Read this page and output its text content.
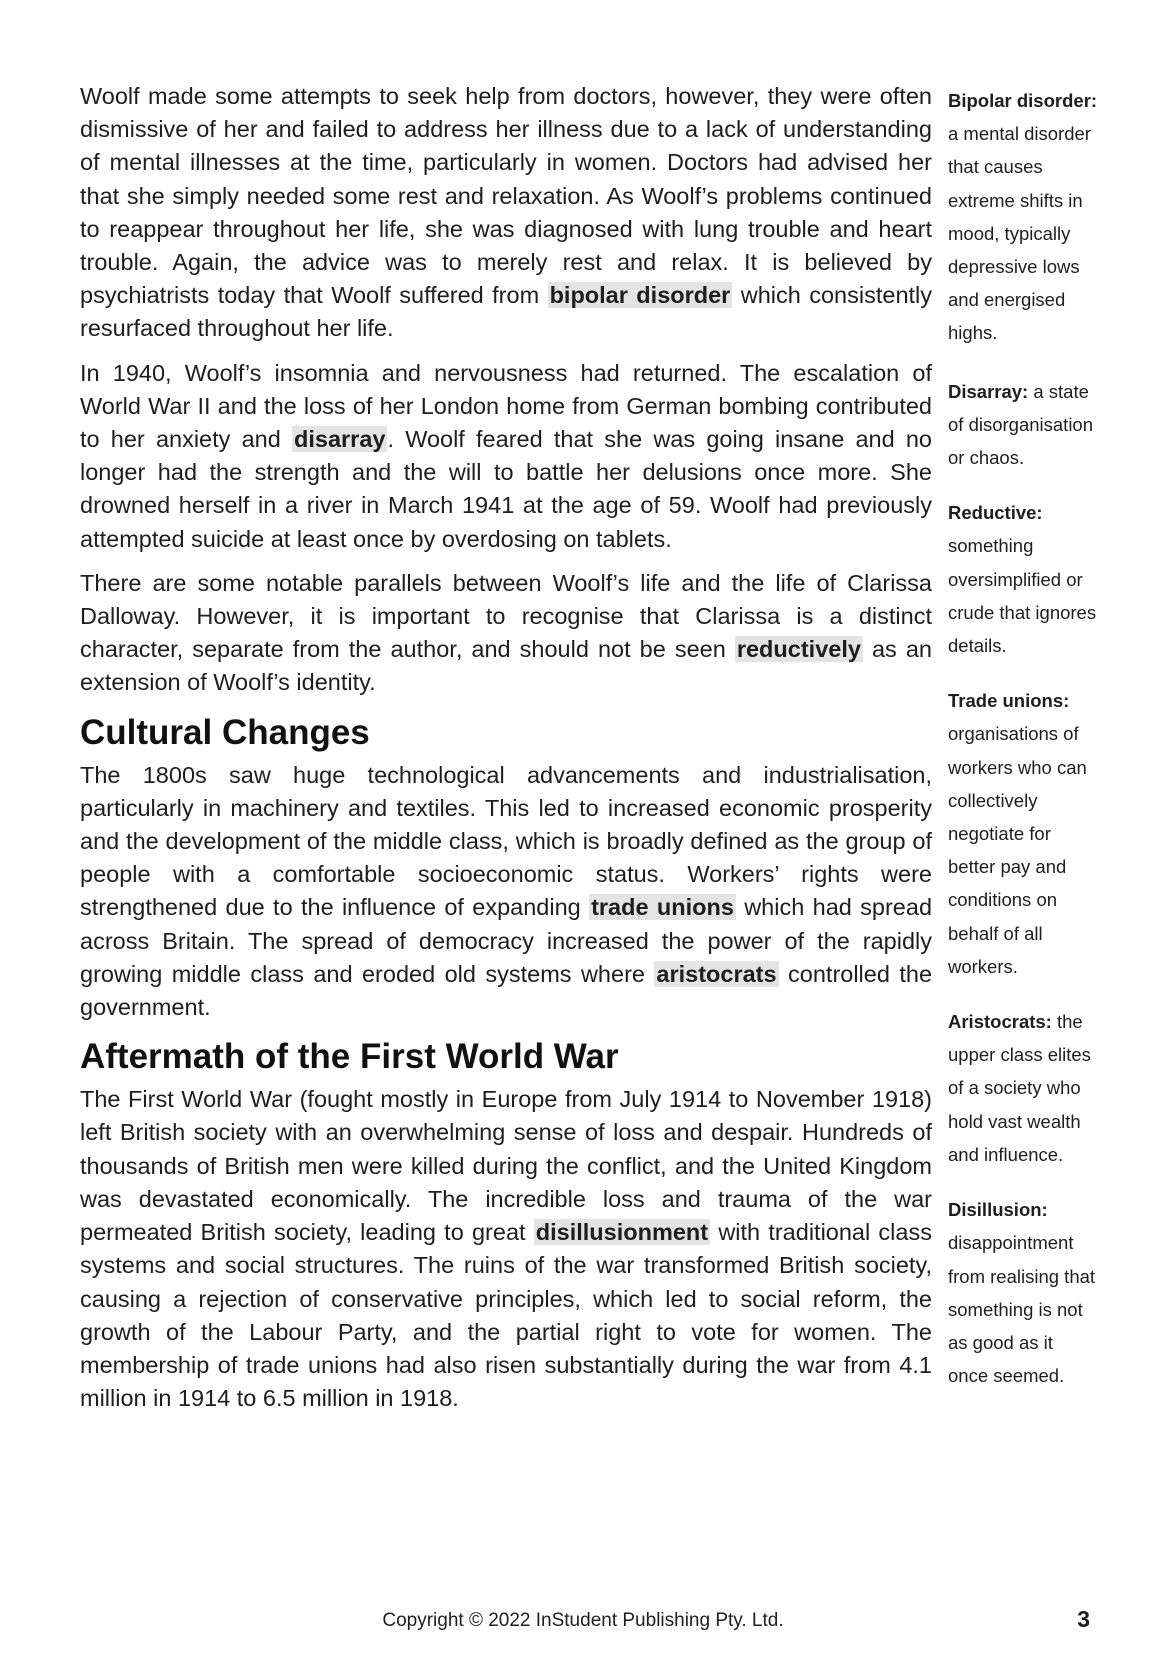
Woolf made some attempts to seek help from doctors, however, they were often dismissive of her and failed to address her illness due to a lack of understanding of mental illnesses at the time, particularly in women. Doctors had advised her that she simply needed some rest and relaxation. As Woolf’s problems continued to reappear throughout her life, she was diagnosed with lung trouble and heart trouble. Again, the advice was to merely rest and relax. It is believed by psychiatrists today that Woolf suffered from bipolar disorder which consistently resurfaced throughout her life.

In 1940, Woolf’s insomnia and nervousness had returned. The escalation of World War II and the loss of her London home from German bombing contributed to her anxiety and disarray. Woolf feared that she was going insane and no longer had the strength and the will to battle her delusions once more. She drowned herself in a river in March 1941 at the age of 59. Woolf had previously attempted suicide at least once by overdosing on tablets.

There are some notable parallels between Woolf’s life and the life of Clarissa Dalloway. However, it is important to recognise that Clarissa is a distinct character, separate from the author, and should not be seen reductively as an extension of Woolf’s identity.

Cultural Changes

The 1800s saw huge technological advancements and industrialisation, particularly in machinery and textiles. This led to increased economic prosperity and the development of the middle class, which is broadly defined as the group of people with a comfortable socioeconomic status. Workers’ rights were strengthened due to the influence of expanding trade unions which had spread across Britain. The spread of democracy increased the power of the rapidly growing middle class and eroded old systems where aristocrats controlled the government.

Aftermath of the First World War

The First World War (fought mostly in Europe from July 1914 to November 1918) left British society with an overwhelming sense of loss and despair. Hundreds of thousands of British men were killed during the conflict, and the United Kingdom was devastated economically. The incredible loss and trauma of the war permeated British society, leading to great disillusionment with traditional class systems and social structures. The ruins of the war transformed British society, causing a rejection of conservative principles, which led to social reform, the growth of the Labour Party, and the partial right to vote for women. The membership of trade unions had also risen substantially during the war from 4.1 million in 1914 to 6.5 million in 1918.

Bipolar disorder: a mental disorder that causes extreme shifts in mood, typically depressive lows and energised highs.

Disarray: a state of disorganisation or chaos.

Reductive: something oversimplified or crude that ignores details.

Trade unions: organisations of workers who can collectively negotiate for better pay and conditions on behalf of all workers.

Aristocrats: the upper class elites of a society who hold vast wealth and influence.

Disillusion: disappointment from realising that something is not as good as it once seemed.

Copyright © 2022 InStudent Publishing Pty. Ltd.	3
